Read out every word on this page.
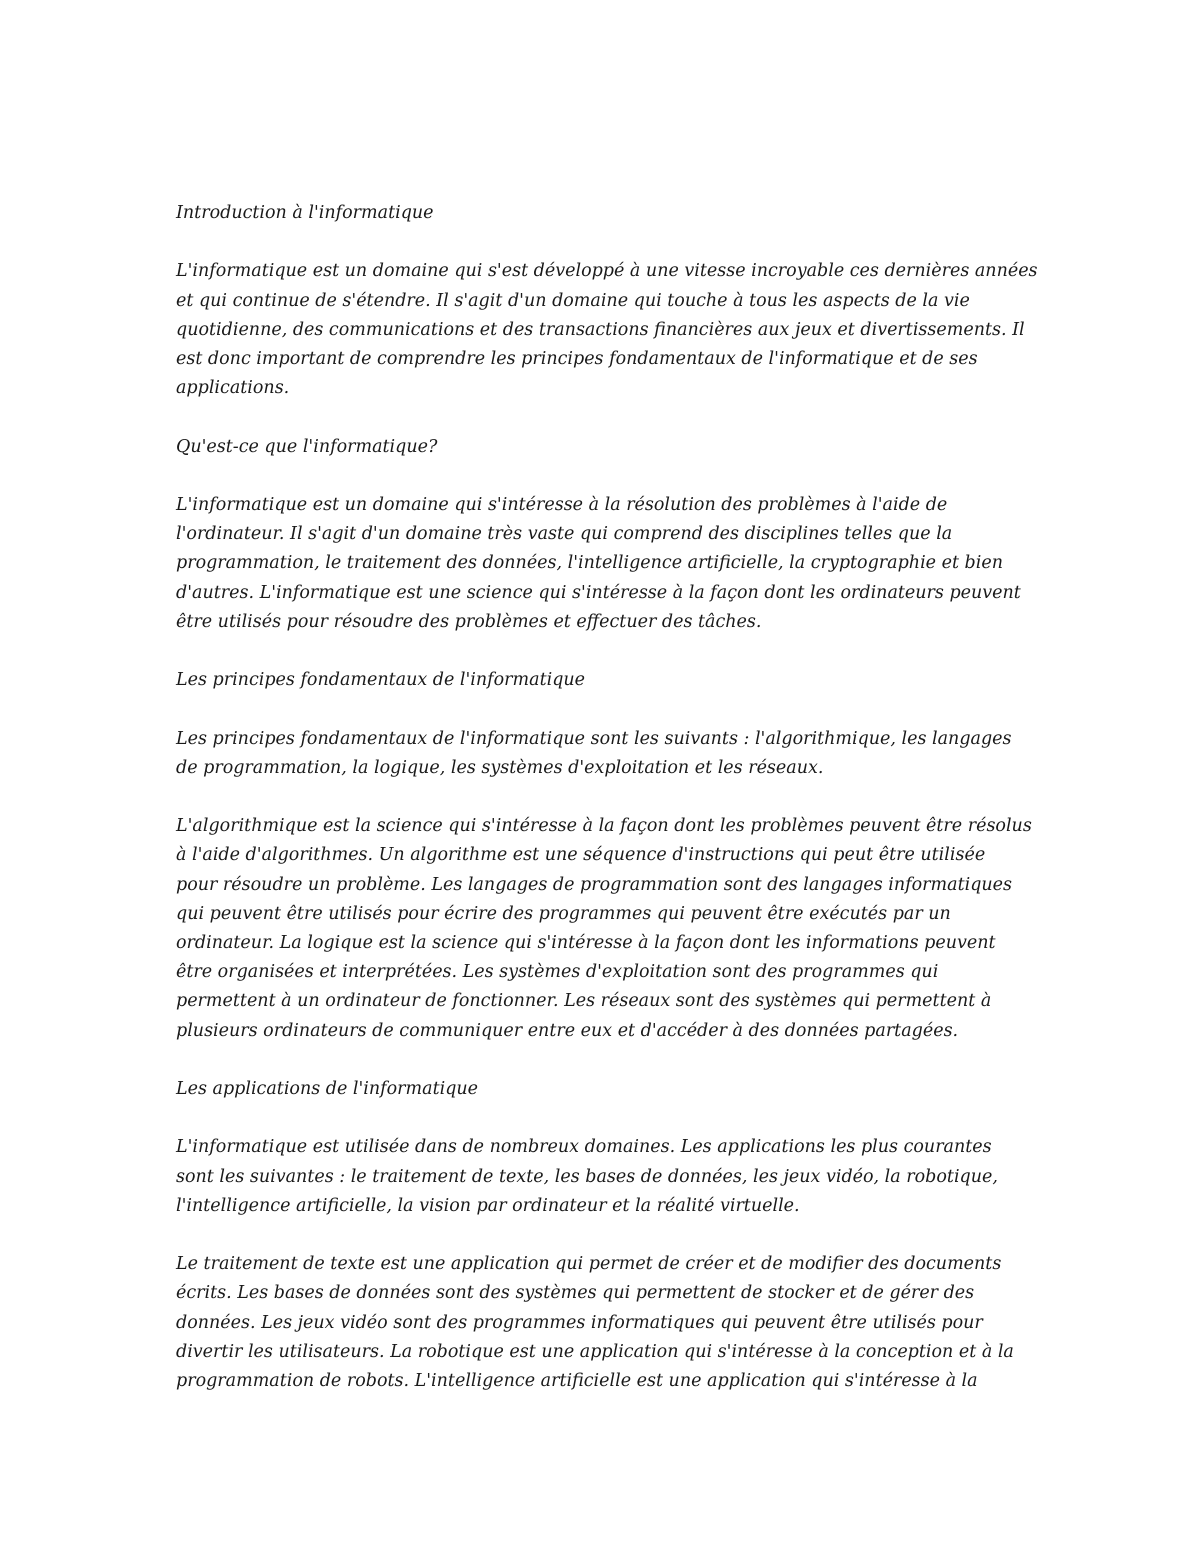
Introduction à l'informatique
L'informatique est un domaine qui s'est développé à une vitesse incroyable ces dernières années
et qui continue de s'étendre. Il s'agit d'un domaine qui touche à tous les aspects de la vie
quotidienne, des communications et des transactions financières aux jeux et divertissements. Il
est donc important de comprendre les principes fondamentaux de l'informatique et de ses
applications.
Qu'est-ce que l'informatique?
L'informatique est un domaine qui s'intéresse à la résolution des problèmes à l'aide de
l'ordinateur. Il s'agit d'un domaine très vaste qui comprend des disciplines telles que la
programmation, le traitement des données, l'intelligence artificielle, la cryptographie et bien
d'autres. L'informatique est une science qui s'intéresse à la façon dont les ordinateurs peuvent
être utilisés pour résoudre des problèmes et effectuer des tâches.
Les principes fondamentaux de l'informatique
Les principes fondamentaux de l'informatique sont les suivants : l'algorithmique, les langages
de programmation, la logique, les systèmes d'exploitation et les réseaux.
L'algorithmique est la science qui s'intéresse à la façon dont les problèmes peuvent être résolus
à l'aide d'algorithmes. Un algorithme est une séquence d'instructions qui peut être utilisée
pour résoudre un problème. Les langages de programmation sont des langages informatiques
qui peuvent être utilisés pour écrire des programmes qui peuvent être exécutés par un
ordinateur. La logique est la science qui s'intéresse à la façon dont les informations peuvent
être organisées et interprétées. Les systèmes d'exploitation sont des programmes qui
permettent à un ordinateur de fonctionner. Les réseaux sont des systèmes qui permettent à
plusieurs ordinateurs de communiquer entre eux et d'accéder à des données partagées.
Les applications de l'informatique
L'informatique est utilisée dans de nombreux domaines. Les applications les plus courantes
sont les suivantes : le traitement de texte, les bases de données, les jeux vidéo, la robotique,
l'intelligence artificielle, la vision par ordinateur et la réalité virtuelle.
Le traitement de texte est une application qui permet de créer et de modifier des documents
écrits. Les bases de données sont des systèmes qui permettent de stocker et de gérer des
données. Les jeux vidéo sont des programmes informatiques qui peuvent être utilisés pour
divertir les utilisateurs. La robotique est une application qui s'intéresse à la conception et à la
programmation de robots. L'intelligence artificielle est une application qui s'intéresse à la
